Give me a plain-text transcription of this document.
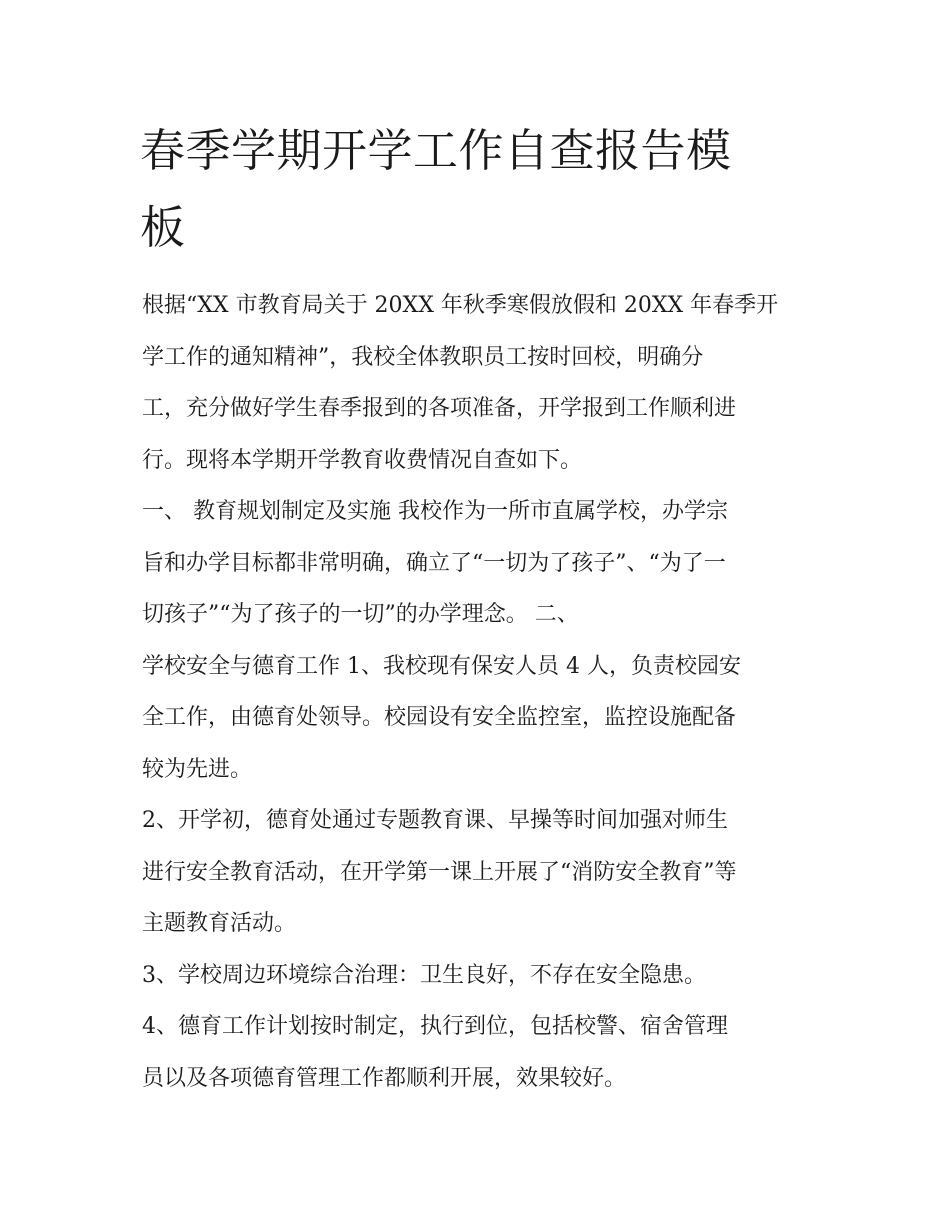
春季学期开学工作自查报告模
板
根据“XX 市教育局关于 20XX 年秋季寒假放假和 20XX 年春季开
学工作的通知精神”，我校全体教职员工按时回校，明确分
工，充分做好学生春季报到的各项准备，开学报到工作顺利进
行。现将本学期开学教育收费情况自查如下。
一、 教育规划制定及实施 我校作为一所市直属学校，办学宗
旨和办学目标都非常明确，确立了“一切为了孩子”、“为了一
切孩子”“为了孩子的一切”的办学理念。 二、
学校安全与德育工作 1、我校现有保安人员 4 人，负责校园安
全工作，由德育处领导。校园设有安全监控室，监控设施配备
较为先进。
2、开学初，德育处通过专题教育课、早操等时间加强对师生
进行安全教育活动，在开学第一课上开展了“消防安全教育”等
主题教育活动。
3、学校周边环境综合治理：卫生良好，不存在安全隐患。
4、德育工作计划按时制定，执行到位，包括校警、宿舍管理
员以及各项德育管理工作都顺利开展，效果较好。
